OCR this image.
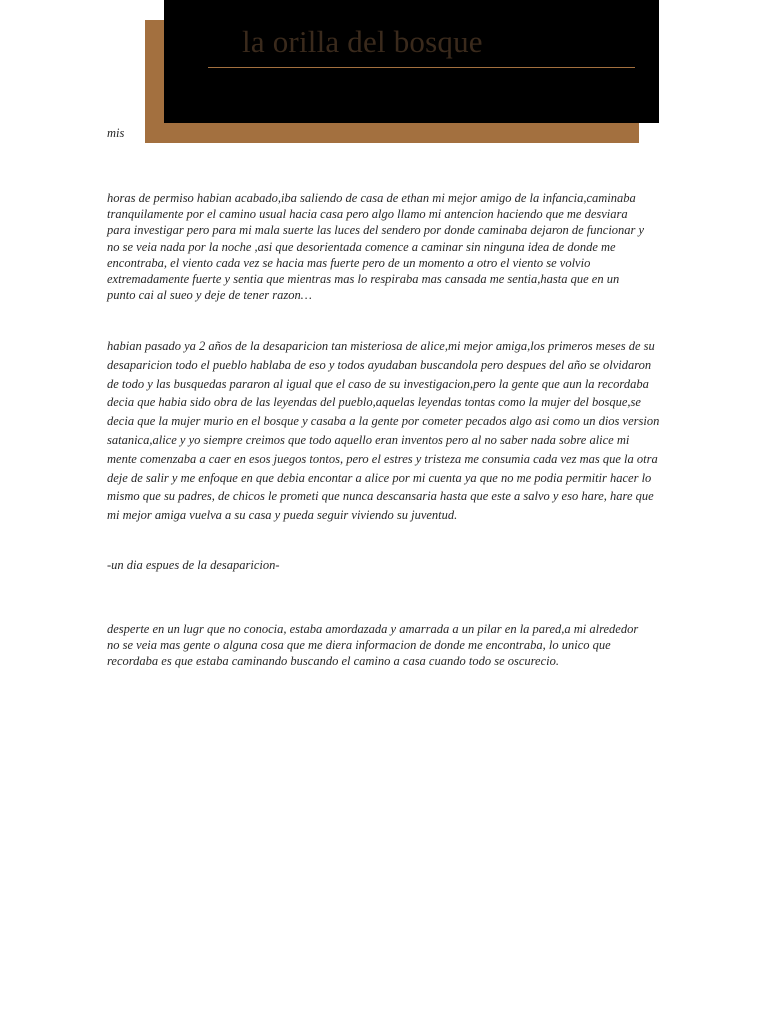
la orilla del bosque

mis

horas de permiso habian acabado,iba saliendo de casa de ethan mi mejor amigo de la infancia,caminaba tranquilamente por el camino usual hacia casa pero algo llamo mi antencion haciendo que me desviara para investigar pero para mi mala suerte las luces del sendero por donde caminaba dejaron de funcionar y no se veia nada por la noche ,asi que desorientada comence a caminar sin ninguna idea de donde me encontraba, el viento cada vez se hacia mas fuerte pero de un momento a otro el viento se volvio extremadamente fuerte y sentia que mientras mas lo respiraba mas cansada me sentia,hasta que en un punto cai al sueo y deje de tener razon…

habian pasado ya 2 años de la desaparicion tan misteriosa de alice,mi mejor amiga,los primeros meses de su desaparicion todo el pueblo hablaba de eso y todos ayudaban buscandola pero despues del año se olvidaron de todo y las busquedas pararon al igual que el caso de su investigacion,pero la gente que aun la recordaba decia que habia sido obra de las leyendas del pueblo,aquelas leyendas tontas como la mujer del bosque,se decia que la mujer murio en el bosque y casaba a la gente por cometer pecados algo asi como un dios version satanica,alice y yo siempre creimos que todo aquello eran inventos pero al no saber nada sobre alice mi mente comenzaba a caer en esos juegos tontos, pero el estres y tristeza me consumia cada vez mas que la otra deje de salir y me enfoque en que debia encontar a alice por mi cuenta ya que no me podia permitir hacer lo mismo que su padres, de chicos le prometi que nunca descansaria hasta que este a salvo y eso hare, hare que mi mejor amiga vuelva a su casa y pueda seguir viviendo su juventud.

-un dia espues de la desaparicion-

desperte en un lugr que no conocia, estaba amordazada y amarrada a un pilar en la pared,a mi alrededor no se veia mas gente o alguna cosa que me diera informacion de donde me encontraba, lo unico que recordaba es que estaba caminando buscando el camino a casa cuando todo se oscurecio.
